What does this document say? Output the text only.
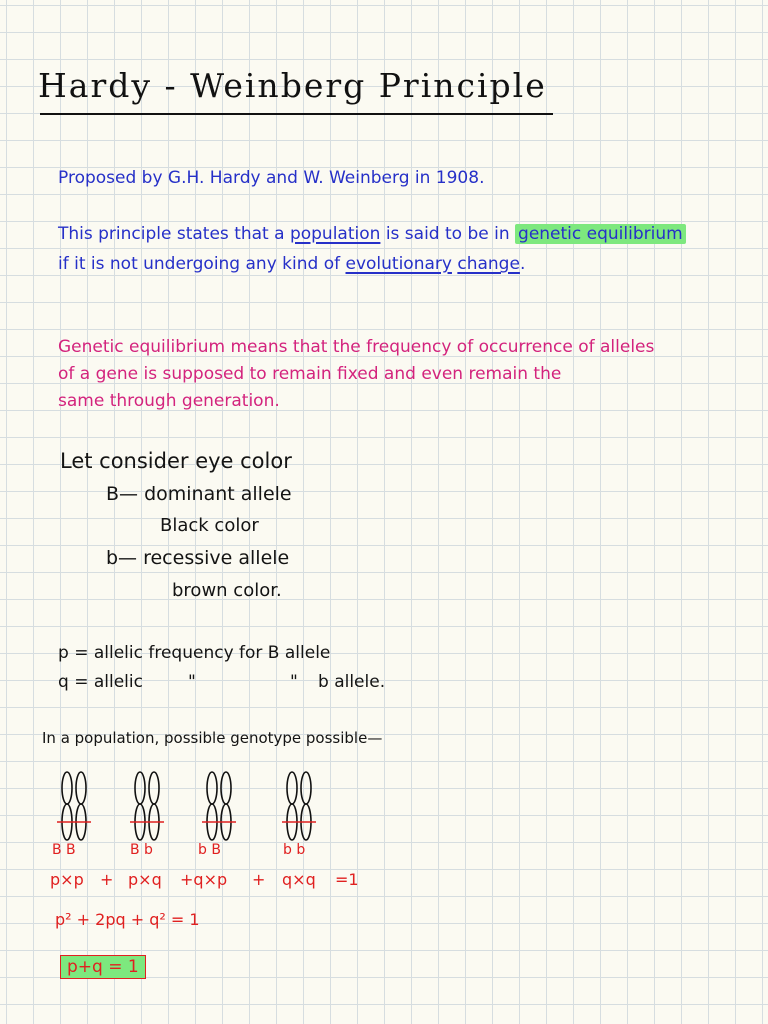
Hardy - Weinberg Principle
Proposed by G.H. Hardy and W. Weinberg in 1908.
This principle states that a population is said to be in genetic equilibrium
if it is not undergoing any kind of evolutionary change.
Genetic equilibrium means that the frequency of occurrence of alleles
of a gene is supposed to remain fixed and even remain the
same through generation.
Let consider eye color
B— dominant allele
Black color
b— recessive allele
brown color.
p = allelic frequency for B allele
q = allelic	"	" b allele.
In a population, possible genotype possible—
B B	B b	b B	b b
p×p + p×q +q×p + q×q =1
p² + 2pq + q² = 1
p+q = 1
